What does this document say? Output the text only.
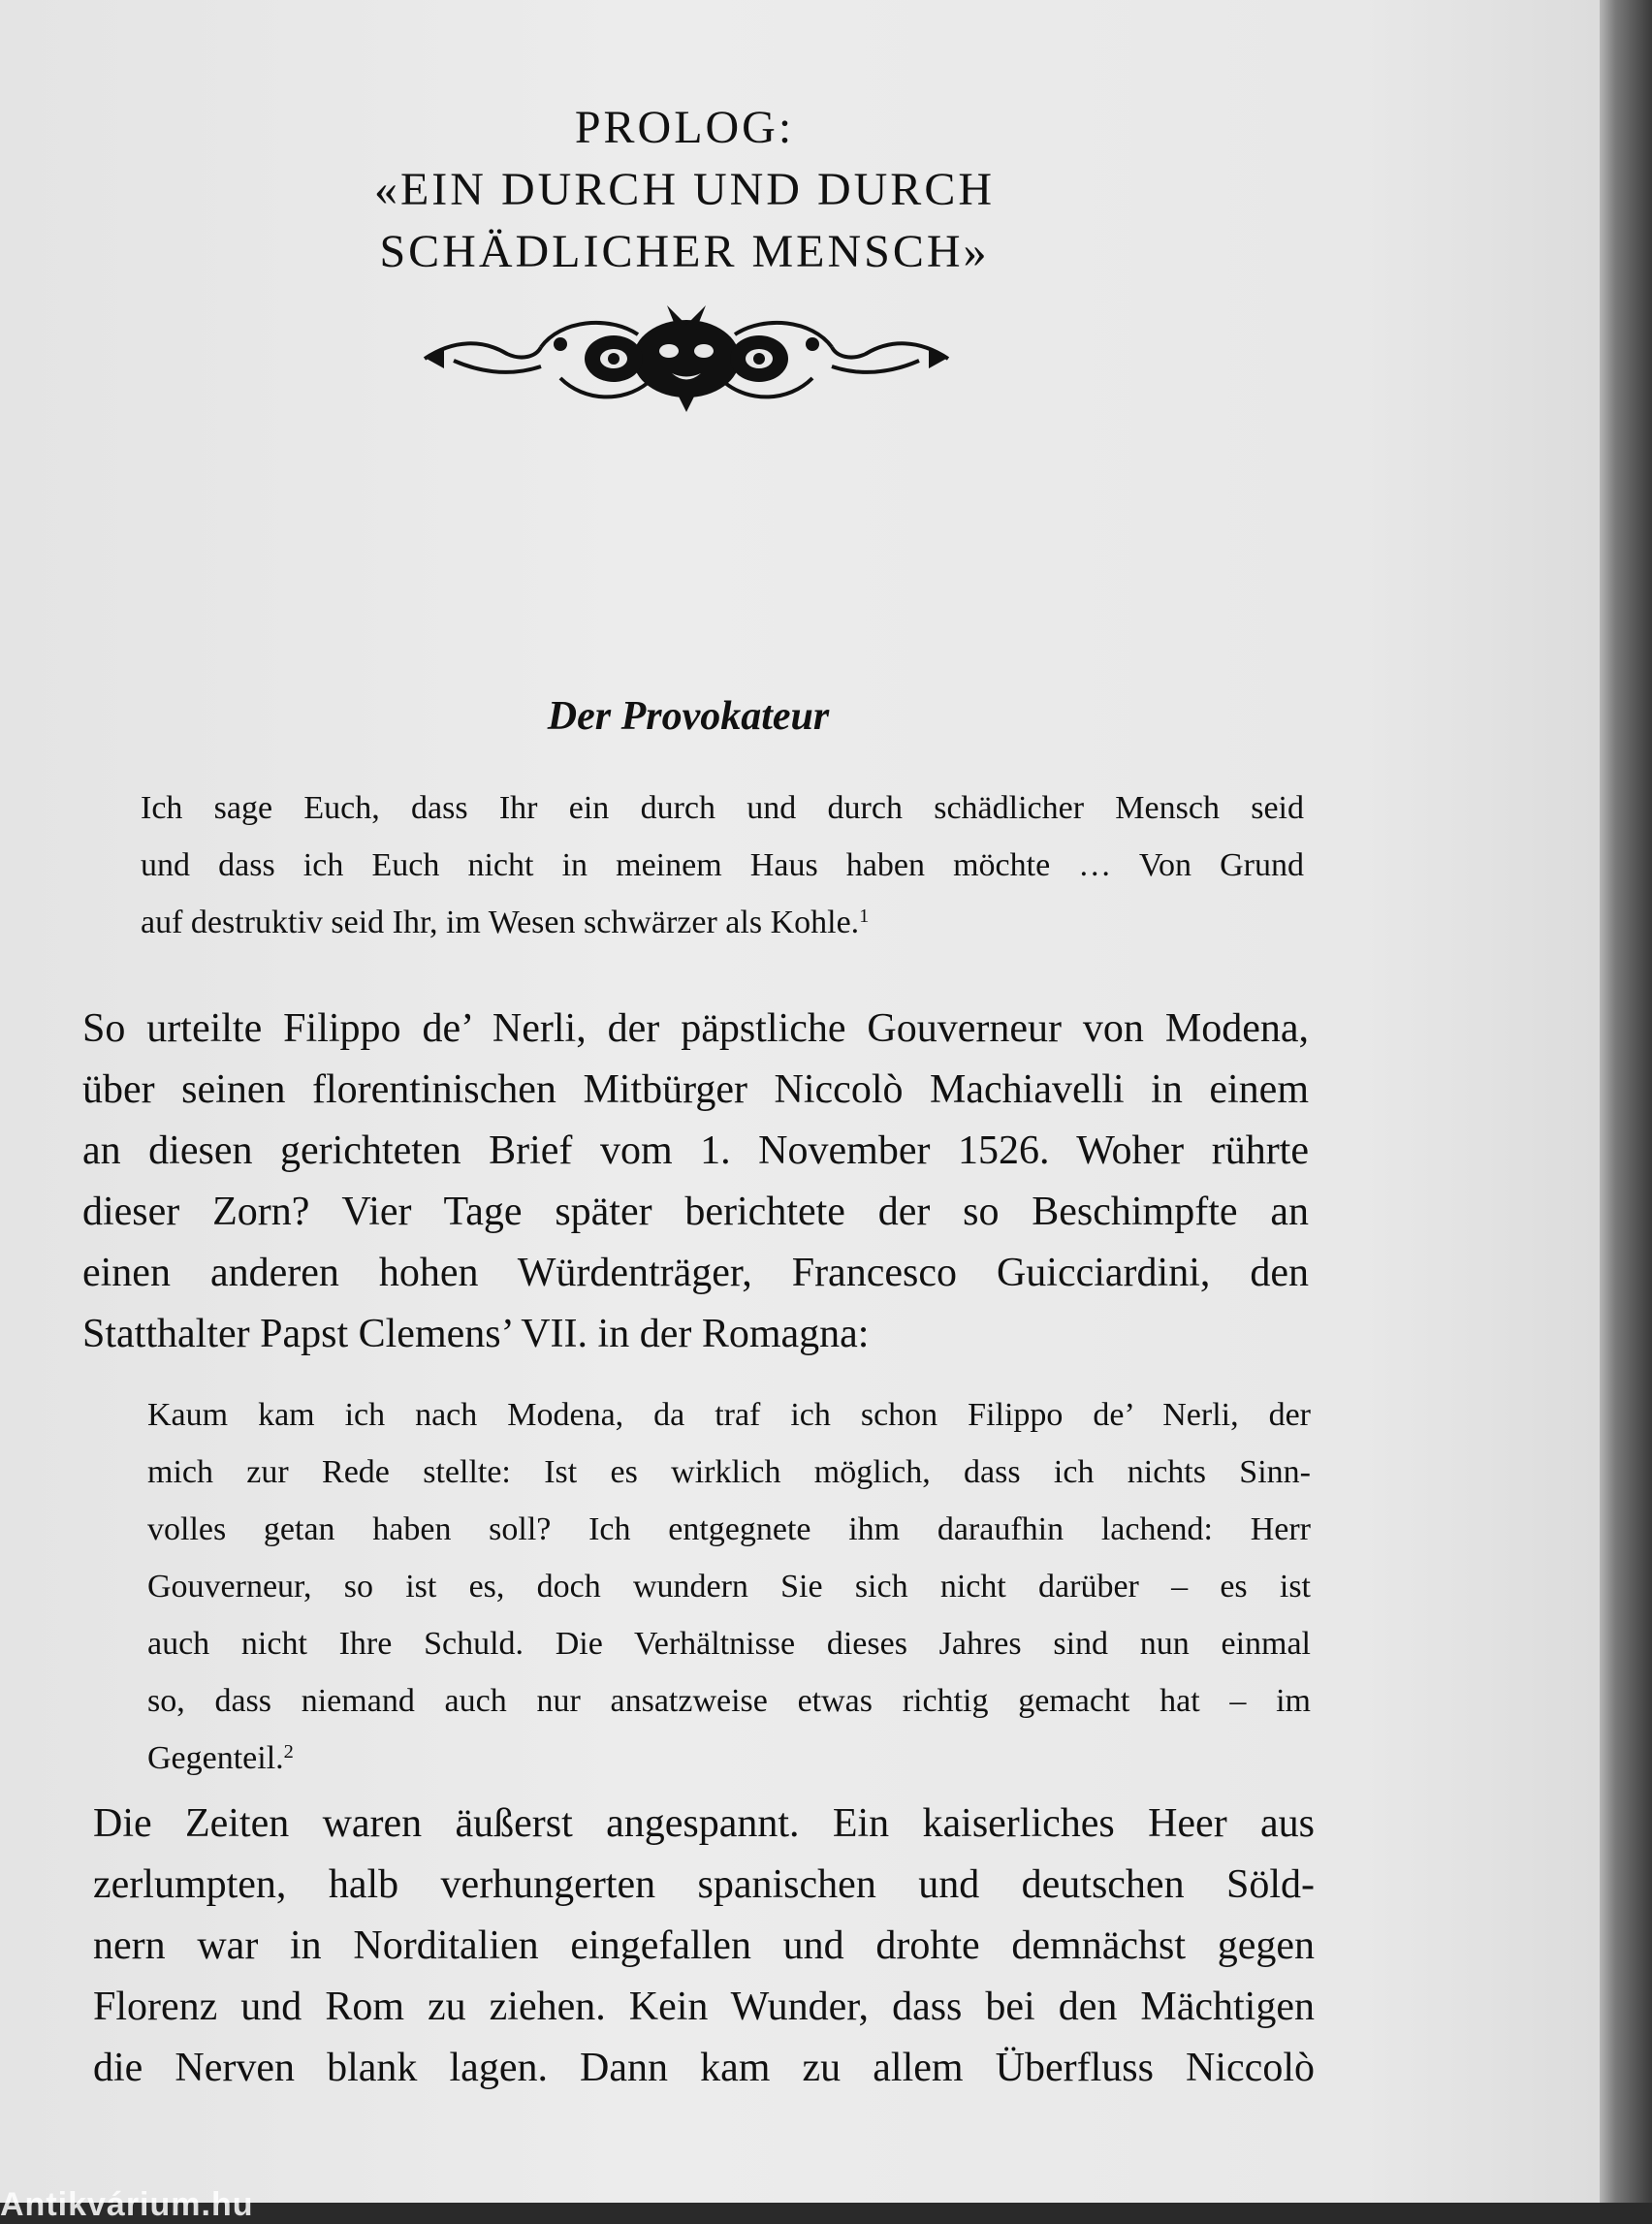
PROLOG:
«EIN DURCH UND DURCH
SCHÄDLICHER MENSCH»
Der Provokateur
Ich sage Euch, dass Ihr ein durch und durch schädlicher Mensch seid
und dass ich Euch nicht in meinem Haus haben möchte … Von Grund
auf destruktiv seid Ihr, im Wesen schwärzer als Kohle.$^1$
So urteilte Filippo de’ Nerli, der päpstliche Gouverneur von Modena,
über seinen florentinischen Mitbürger Niccolò Machiavelli in einem
an diesen gerichteten Brief vom 1. November 1526. Woher rührte
dieser Zorn? Vier Tage später berichtete der so Beschimpfte an
einen anderen hohen Würdenträger, Francesco Guicciardini, den
Statthalter Papst Clemens’ VII. in der Romagna:
Kaum kam ich nach Modena, da traf ich schon Filippo de’ Nerli, der
mich zur Rede stellte: Ist es wirklich möglich, dass ich nichts Sinn-
volles getan haben soll? Ich entgegnete ihm daraufhin lachend: Herr
Gouverneur, so ist es, doch wundern Sie sich nicht darüber – es ist
auch nicht Ihre Schuld. Die Verhältnisse dieses Jahres sind nun einmal
so, dass niemand auch nur ansatzweise etwas richtig gemacht hat – im
Gegenteil.$^2$
Die Zeiten waren äußerst angespannt. Ein kaiserliches Heer aus
zerlumpten, halb verhungerten spanischen und deutschen Söld-
nern war in Norditalien eingefallen und drohte demnächst gegen
Florenz und Rom zu ziehen. Kein Wunder, dass bei den Mächtigen
die Nerven blank lagen. Dann kam zu allem Überfluss Niccolò
Antikvárium.hu
